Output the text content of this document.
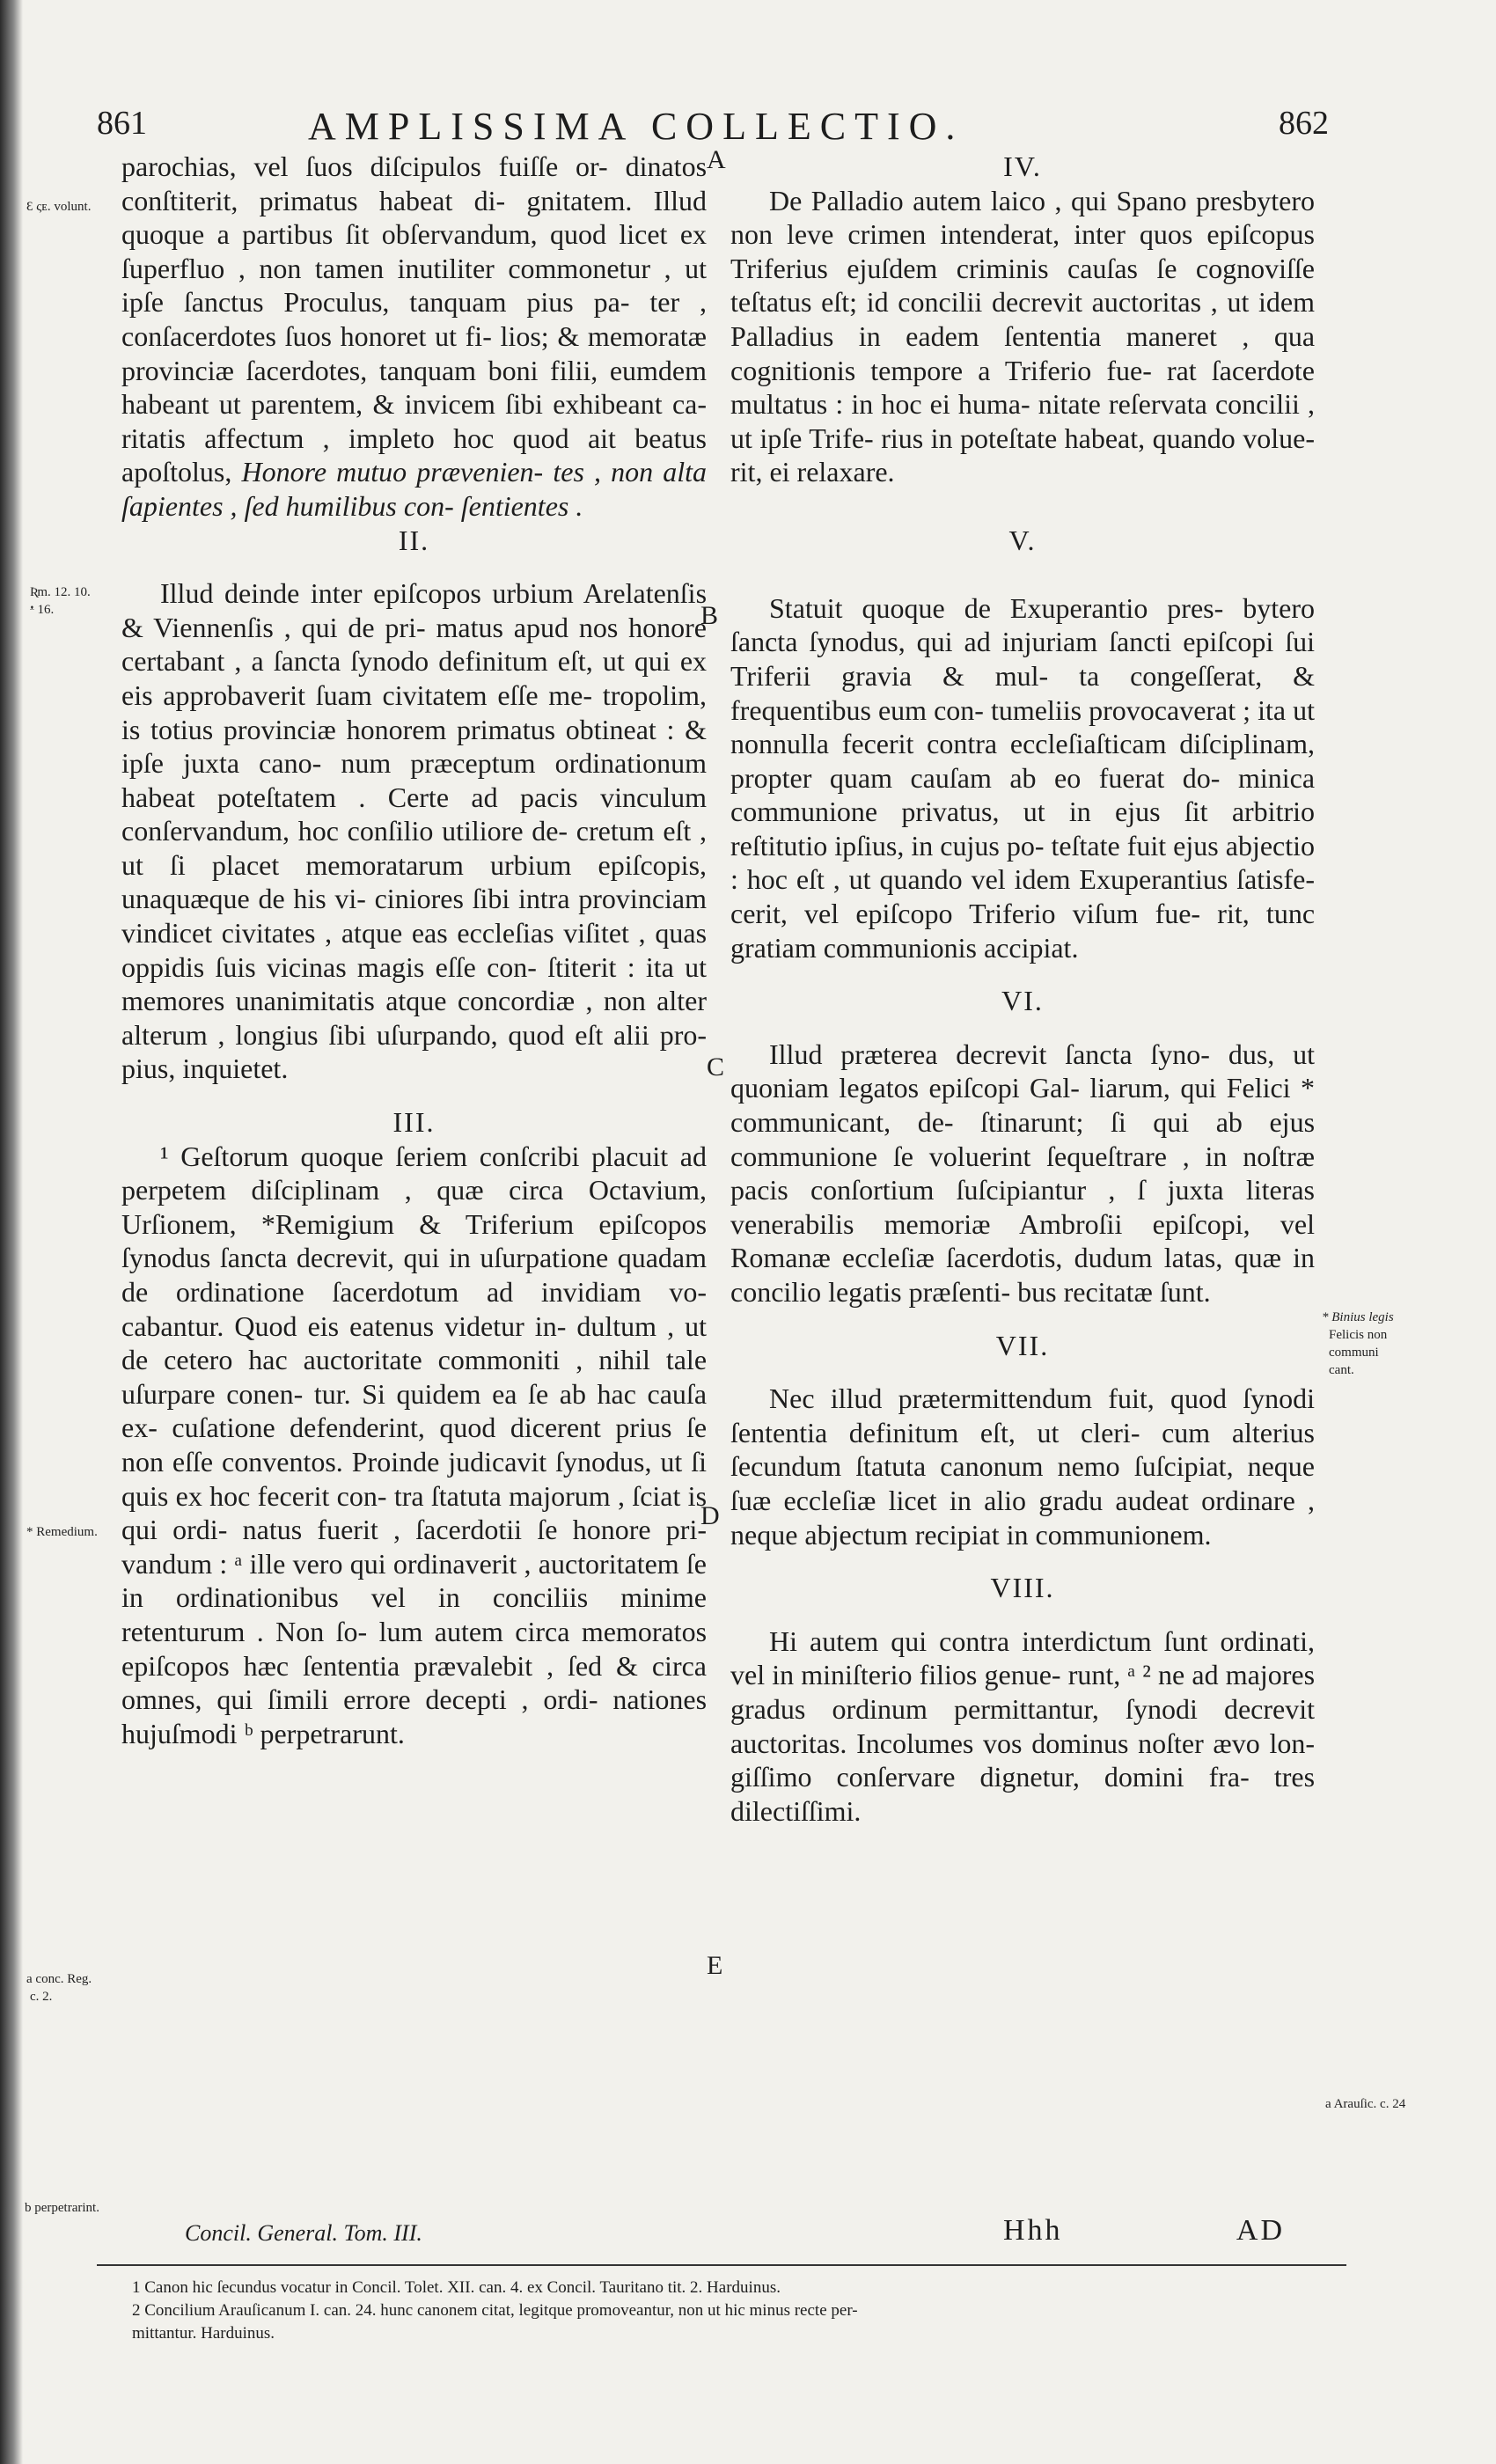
861	AMPLISSIMA COLLECTIO.	862

parochias, vel ſuos diſcipulos fuiſſe or- dinatos conſtiterit, primatus habeat di- gnitatem. Illud quoque a partibus ſit obſervandum, quod licet ex ſuperfluo , non tamen inutiliter commonetur , ut ipſe ſanctus Proculus, tanquam pius pa- ter , conſacerdotes ſuos honoret ut fi- lios; & memoratæ provinciæ ſacerdotes, tanquam boni filii, eumdem habeant ut parentem, & invicem ſibi exhibeant ca- ritatis affectum , impleto hoc quod ait beatus apoſtolus, Honore mutuo prævenien- tes , non alta ſapientes , ſed humilibus con- ſentientes .

II.

Illud deinde inter epiſcopos urbium Arelatenſis & Viennenſis , qui de pri- matus apud nos honore certabant , a ſancta ſynodo definitum eſt, ut qui ex eis approbaverit ſuam civitatem eſſe me- tropolim, is totius provinciæ honorem primatus obtineat : & ipſe juxta cano- num præceptum ordinationum habeat poteſtatem . Certe ad pacis vinculum conſervandum, hoc conſilio utiliore de- cretum eſt , ut ſi placet memoratarum urbium epiſcopis, unaquæque de his vi- ciniores ſibi intra provinciam vindicet civitates , atque eas eccleſias viſitet , quas oppidis ſuis vicinas magis eſſe con- ſtiterit : ita ut memores unanimitatis atque concordiæ , non alter alterum , longius ſibi uſurpando, quod eſt alii pro- pius, inquietet.

III.

¹ Geſtorum quoque ſeriem conſcribi placuit ad perpetem diſciplinam , quæ circa Octavium, Urſionem, *Remigium & Triferium epiſcopos ſynodus ſancta decrevit, qui in uſurpatione quadam de ordinatione ſacerdotum ad invidiam vo- cabantur. Quod eis eatenus videtur in- dultum , ut de cetero hac auctoritate commoniti , nihil tale uſurpare conen- tur. Si quidem ea ſe ab hac cauſa ex- cuſatione defenderint, quod dicerent prius ſe non eſſe conventos. Proinde judicavit ſynodus, ut ſi quis ex hoc fecerit con- tra ſtatuta majorum , ſciat is qui ordi- natus fuerit , ſacerdotii ſe honore pri- vandum : ᵃ ille vero qui ordinaverit , auctoritatem ſe in ordinationibus vel in conciliis minime retenturum . Non ſo- lum autem circa memoratos epiſcopos hæc ſententia prævalebit , ſed & circa omnes, qui ſimili errore decepti , ordi- nationes hujuſmodi ᵇ perpetrarunt.

IV.

De Palladio autem laico , qui Spano presbytero non leve crimen intenderat, inter quos epiſcopus Triferius ejuſdem criminis cauſas ſe cognoviſſe teſtatus eſt; id concilii decrevit auctoritas , ut idem Palladius in eadem ſententia maneret , qua cognitionis tempore a Triferio fue- rat ſacerdote multatus : in hoc ei huma- nitate reſervata concilii , ut ipſe Trife- rius in poteſtate habeat, quando volue- rit, ei relaxare.

V.

Statuit quoque de Exuperantio pres- bytero ſancta ſynodus, qui ad injuriam ſancti epiſcopi ſui Triferii gravia & mul- ta congeſſerat, & frequentibus eum con- tumeliis provocaverat ; ita ut nonnulla fecerit contra eccleſiaſticam diſciplinam, propter quam cauſam ab eo fuerat do- minica communione privatus, ut in ejus ſit arbitrio reſtitutio ipſius, in cujus po- teſtate fuit ejus abjectio : hoc eſt , ut quando vel idem Exuperantius ſatisfe- cerit, vel epiſcopo Triferio viſum fue- rit, tunc gratiam communionis accipiat.

VI.

Illud præterea decrevit ſancta ſyno- dus, ut quoniam legatos epiſcopi Gal- liarum, qui Felici * communicant, de- ſtinarunt; ſi qui ab ejus communione ſe voluerint ſequeſtrare , in noſtræ pacis conſortium ſuſcipiantur , ſ juxta literas venerabilis memoriæ Ambroſii epiſcopi, vel Romanæ eccleſiæ ſacerdotis, dudum latas, quæ in concilio legatis præſenti- bus recitatæ ſunt.

VII.

Nec illud prætermittendum fuit, quod ſynodi ſententia definitum eſt, ut cleri- cum alterius ſecundum ſtatuta canonum nemo ſuſcipiat, neque ſuæ eccleſiæ licet in alio gradu audeat ordinare , neque abjectum recipiat in communionem.

VIII.

Hi autem qui contra interdictum ſunt ordinati, vel in miniſterio filios genue- runt, ᵃ ² ne ad majores gradus ordinum permittantur, ſynodi decrevit auctoritas. Incolumes vos dominus noſter ævo lon- giſſimo conſervare dignetur, domini fra- tres dilectiſſimi.

A
B
C
D
E
Ɛ ςᴇ. volunt.
Ʀm. 12. 10.
ᵜ 16.
* Remedium.
a conc. Reg.
c. 2.
b perpetrarint.
* Binius legis
Felicis non
communi
cant.
a Arauſic. c. 24
Concil. General. Tom. III.	Hhh	AD

1 Canon hic ſecundus vocatur in Concil. Tolet. XII. can. 4. ex Concil. Tauritano tit. 2. Harduinus.

2 Concilium Arauſicanum I. can. 24. hunc canonem citat, legitque promoveantur, non ut hic minus recte per-

mittantur. Harduinus.
